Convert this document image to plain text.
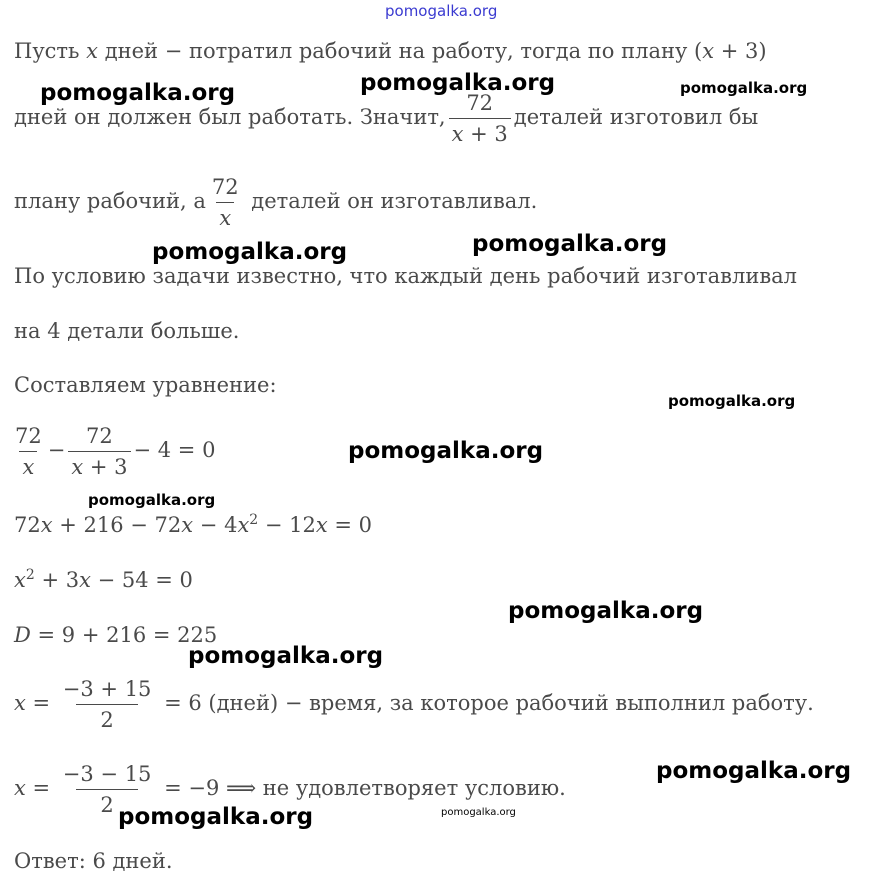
pomogalka.org
pomogalka.org	pomogalka.org	pomogalka.org
pomogalka.org	pomogalka.org
pomogalka.org
pomogalka.org
pomogalka.org
pomogalka.org
pomogalka.org
pomogalka.org
pomogalka.org	pomogalka.org

Пусть x дней − потратил рабочий на работу, тогда по плану (x + 3)

дней он должен был работать. Значит, $\frac{72}{x + 3}$ деталей изготовил бы

плану рабочий, а $\frac{72}{x}$ деталей он изготавливал.

По условию задачи известно, что каждый день рабочий изготавливал

на 4 детали больше.

Составляем уравнение:

$\frac{72}{x} - \frac{72}{x + 3} - 4 = 0$

$72x + 216 - 72x - 4x^2 - 12x = 0$

$x^2 + 3x - 54 = 0$

D = 9 + 216 = 225

$x = \frac{-3 + 15}{2} = 6$ (дней) − время, за которое рабочий выполнил работу.

$x = \frac{-3 - 15}{2} = -9$ ⟹ не удовлетворяет условию.

Ответ: 6 дней.
